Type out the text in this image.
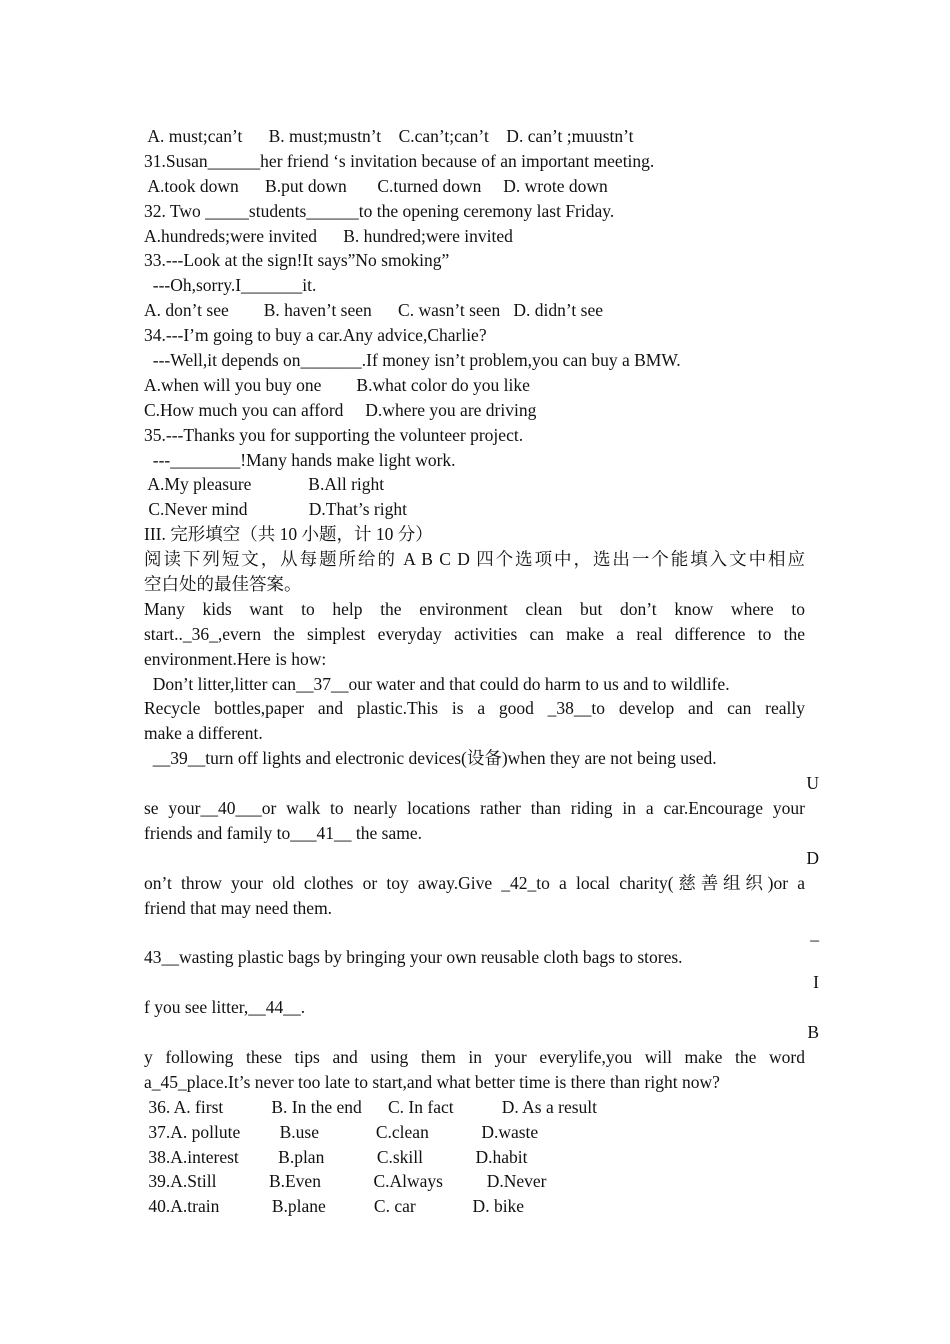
A. must;can’t      B. must;mustn’t    C.can’t;can’t    D. can’t ;muustn’t
31.Susan______her friend ‘s invitation because of an important meeting.
A.took down      B.put down       C.turned down     D. wrote down
32. Two _____students______to the opening ceremony last Friday.
A.hundreds;were invited      B. hundred;were invited
33.---Look at the sign!It says”No smoking”
---Oh,sorry.I_______it.
A. don’t see        B. haven’t seen      C. wasn’t seen   D. didn’t see
34.---I’m going to buy a car.Any advice,Charlie?
---Well,it depends on_______.If money isn’t problem,you can buy a BMW.
A.when will you buy one        B.what color do you like
C.How much you can afford     D.where you are driving
35.---Thanks you for supporting the volunteer project.
---________!Many hands make light work.
A.My pleasure             B.All right
C.Never mind              D.That’s right
III. 完形填空（共 10 小题，计 10 分）
阅读下列短文，从每题所给的 A B C D 四个选项中，选出一个能填入文中相应
空白处的最佳答案。
Many kids want to help the environment clean but don’t know where to
start.._36_,evern the simplest everyday activities can make a real difference to the
environment.Here is how:
Don’t litter,litter can__37__our water and that could do harm to us and to wildlife.
Recycle bottles,paper and plastic.This is a good _38__to develop and can really
make a different.
__39__turn off lights and electronic devices(设备)when they are not being used.
U
se your__40___or walk to nearly locations rather than riding in a car.Encourage your
friends and family to___41__ the same.
D
on’t throw your old clothes or toy away.Give _42_to a local charity(慈善组织)or a
friend that may need them.
_
43__wasting plastic bags by bringing your own reusable cloth bags to stores.
I
f you see litter,__44__.
B
y following these tips and using them in your everylife,you will make the word
a_45_place.It’s never too late to start,and what better time is there than right now?
36. A. first           B. In the end      C. In fact           D. As a result
37.A. pollute         B.use             C.clean            D.waste
38.A.interest         B.plan            C.skill            D.habit
39.A.Still            B.Even            C.Always          D.Never
40.A.train            B.plane           C. car             D. bike
